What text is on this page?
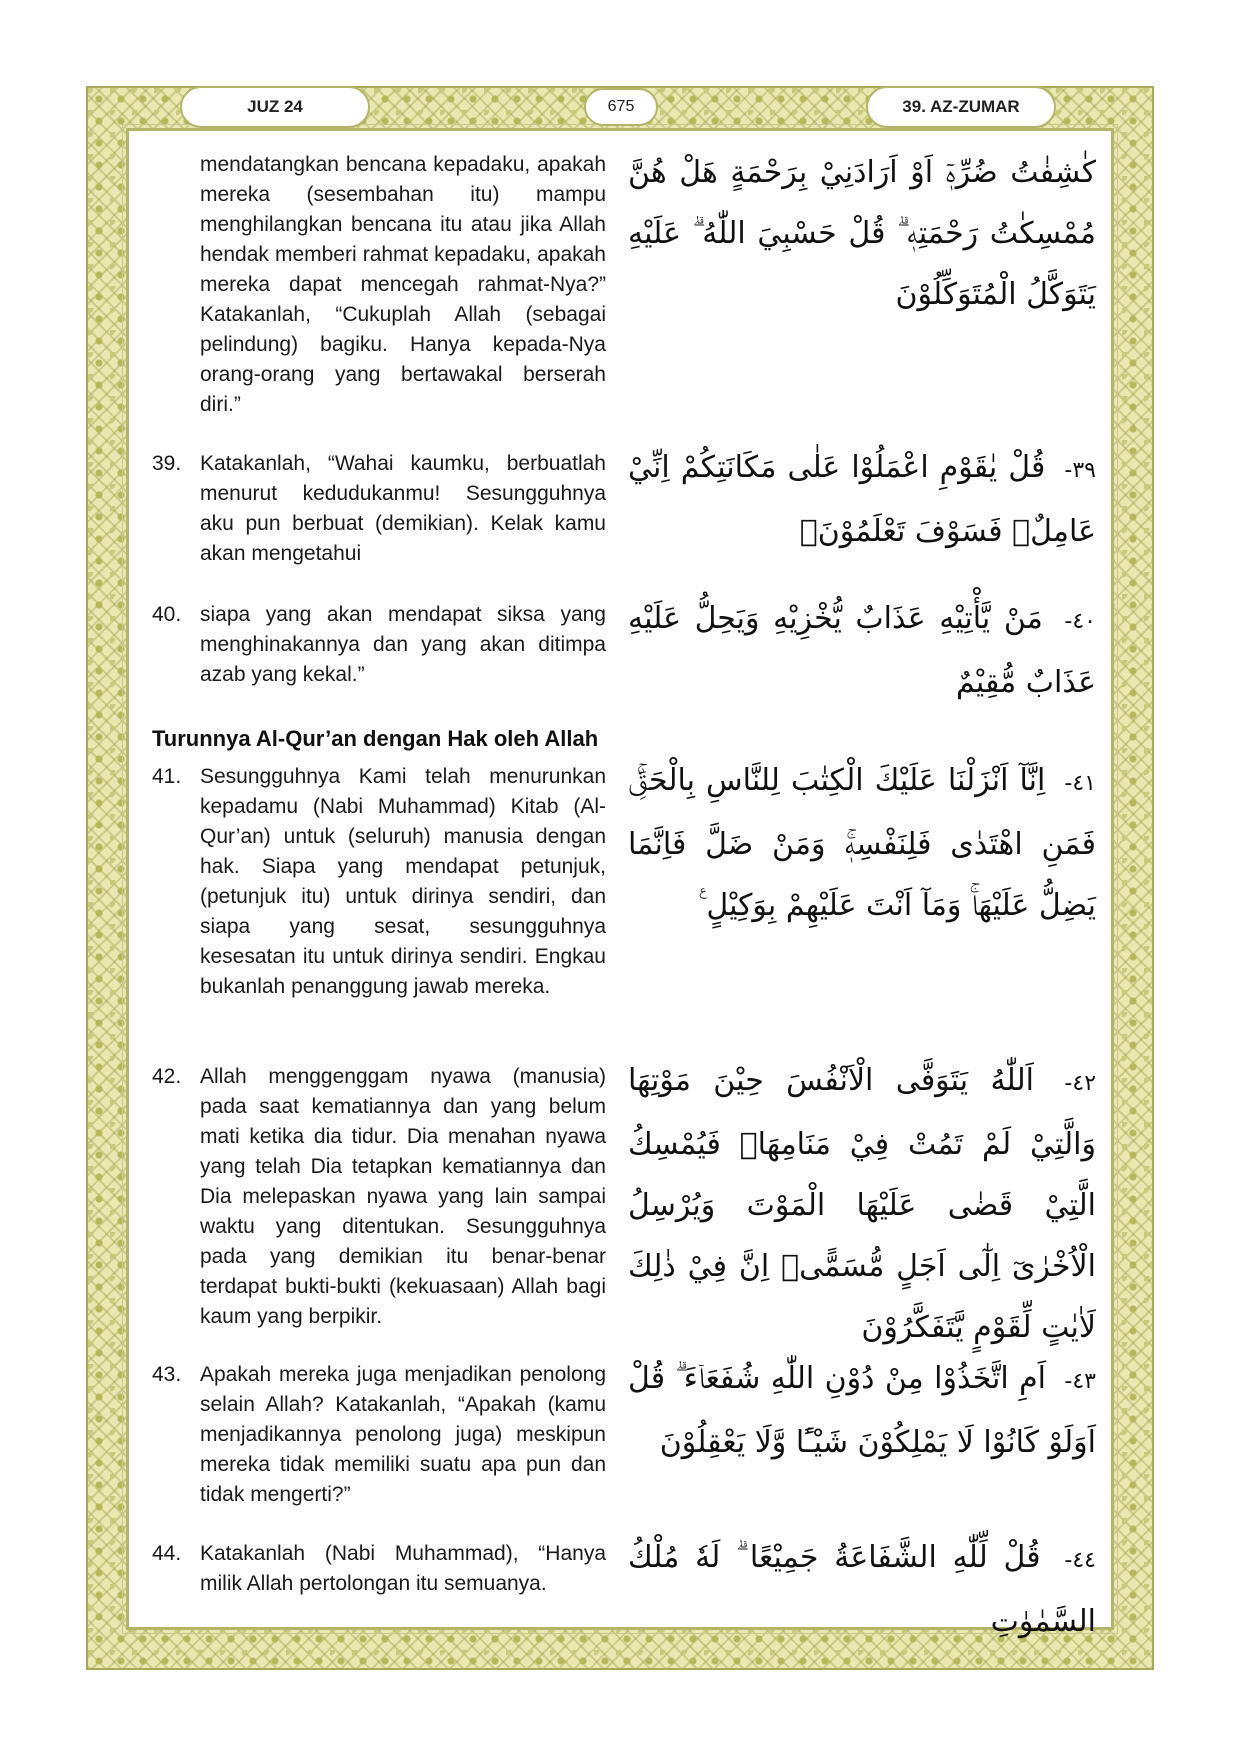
JUZ 24	675	39. AZ-ZUMAR
mendatangkan bencana kepadaku, apakah mereka (sesembahan itu) mampu menghilangkan bencana itu atau jika Allah hendak memberi rahmat kepadaku, apakah mereka dapat mencegah rahmat-Nya?” Katakanlah, “Cukuplah Allah (sebagai pelindung) bagiku. Hanya kepada-Nya orang-orang yang bertawakal berserah diri.”
كٰشِفٰتُ ضُرِّهٖٓ اَوْ اَرَادَنِيْ بِرَحْمَةٍ هَلْ هُنَّ مُمْسِكٰتُ رَحْمَتِهٖ ۗ قُلْ حَسْبِيَ اللّٰهُ ۗ عَلَيْهِ يَتَوَكَّلُ الْمُتَوَكِّلُوْنَ
39. Katakanlah, “Wahai kaumku, berbuatlah menurut kedudukanmu! Sesungguhnya aku pun berbuat (demikian). Kelak kamu akan mengetahui
٣٩- قُلْ يٰقَوْمِ اعْمَلُوْا عَلٰى مَكَانَتِكُمْ اِنِّيْ عَامِلٌۚ فَسَوْفَ تَعْلَمُوْنَۙ
40. siapa yang akan mendapat siksa yang menghinakannya dan yang akan ditimpa azab yang kekal.”
٤٠- مَنْ يَّأْتِيْهِ عَذَابٌ يُّخْزِيْهِ وَيَحِلُّ عَلَيْهِ عَذَابٌ مُّقِيْمٌ
Turunnya Al-Qur’an dengan Hak oleh Allah
41. Sesungguhnya Kami telah menurunkan kepadamu (Nabi Muhammad) Kitab (Al-Qur’an) untuk (seluruh) manusia dengan hak. Siapa yang mendapat petunjuk, (petunjuk itu) untuk dirinya sendiri, dan siapa yang sesat, sesungguhnya kesesatan itu untuk dirinya sendiri. Engkau bukanlah penanggung jawab mereka.
٤١- اِنَّآ اَنْزَلْنَا عَلَيْكَ الْكِتٰبَ لِلنَّاسِ بِالْحَقِّۚ فَمَنِ اهْتَدٰى فَلِنَفْسِهٖۚ وَمَنْ ضَلَّ فَاِنَّمَا يَضِلُّ عَلَيْهَاۚ وَمَآ اَنْتَ عَلَيْهِمْ بِوَكِيْلٍ ࣖ
42. Allah menggenggam nyawa (manusia) pada saat kematiannya dan yang belum mati ketika dia tidur. Dia menahan nyawa yang telah Dia tetapkan kematiannya dan Dia melepaskan nyawa yang lain sampai waktu yang ditentukan. Sesungguhnya pada yang demikian itu benar-benar terdapat bukti-bukti (kekuasaan) Allah bagi kaum yang berpikir.
٤٢- اَللّٰهُ يَتَوَفَّى الْاَنْفُسَ حِيْنَ مَوْتِهَا وَالَّتِيْ لَمْ تَمُتْ فِيْ مَنَامِهَاۚ فَيُمْسِكُ الَّتِيْ قَضٰى عَلَيْهَا الْمَوْتَ وَيُرْسِلُ الْاُخْرٰىٓ اِلٰٓى اَجَلٍ مُّسَمًّىۗ اِنَّ فِيْ ذٰلِكَ لَاٰيٰتٍ لِّقَوْمٍ يَّتَفَكَّرُوْنَ
43. Apakah mereka juga menjadikan penolong selain Allah? Katakanlah, “Apakah (kamu menjadikannya penolong juga) meskipun mereka tidak memiliki suatu apa pun dan tidak mengerti?”
٤٣- اَمِ اتَّخَذُوْا مِنْ دُوْنِ اللّٰهِ شُفَعَاۤءَ ۗ قُلْ اَوَلَوْ كَانُوْا لَا يَمْلِكُوْنَ شَيْـًٔا وَّلَا يَعْقِلُوْنَ
44. Katakanlah (Nabi Muhammad), “Hanya milik Allah pertolongan itu semuanya.
٤٤- قُلْ لِّلّٰهِ الشَّفَاعَةُ جَمِيْعًا ۗ لَهٗ مُلْكُ السَّمٰوٰتِ
